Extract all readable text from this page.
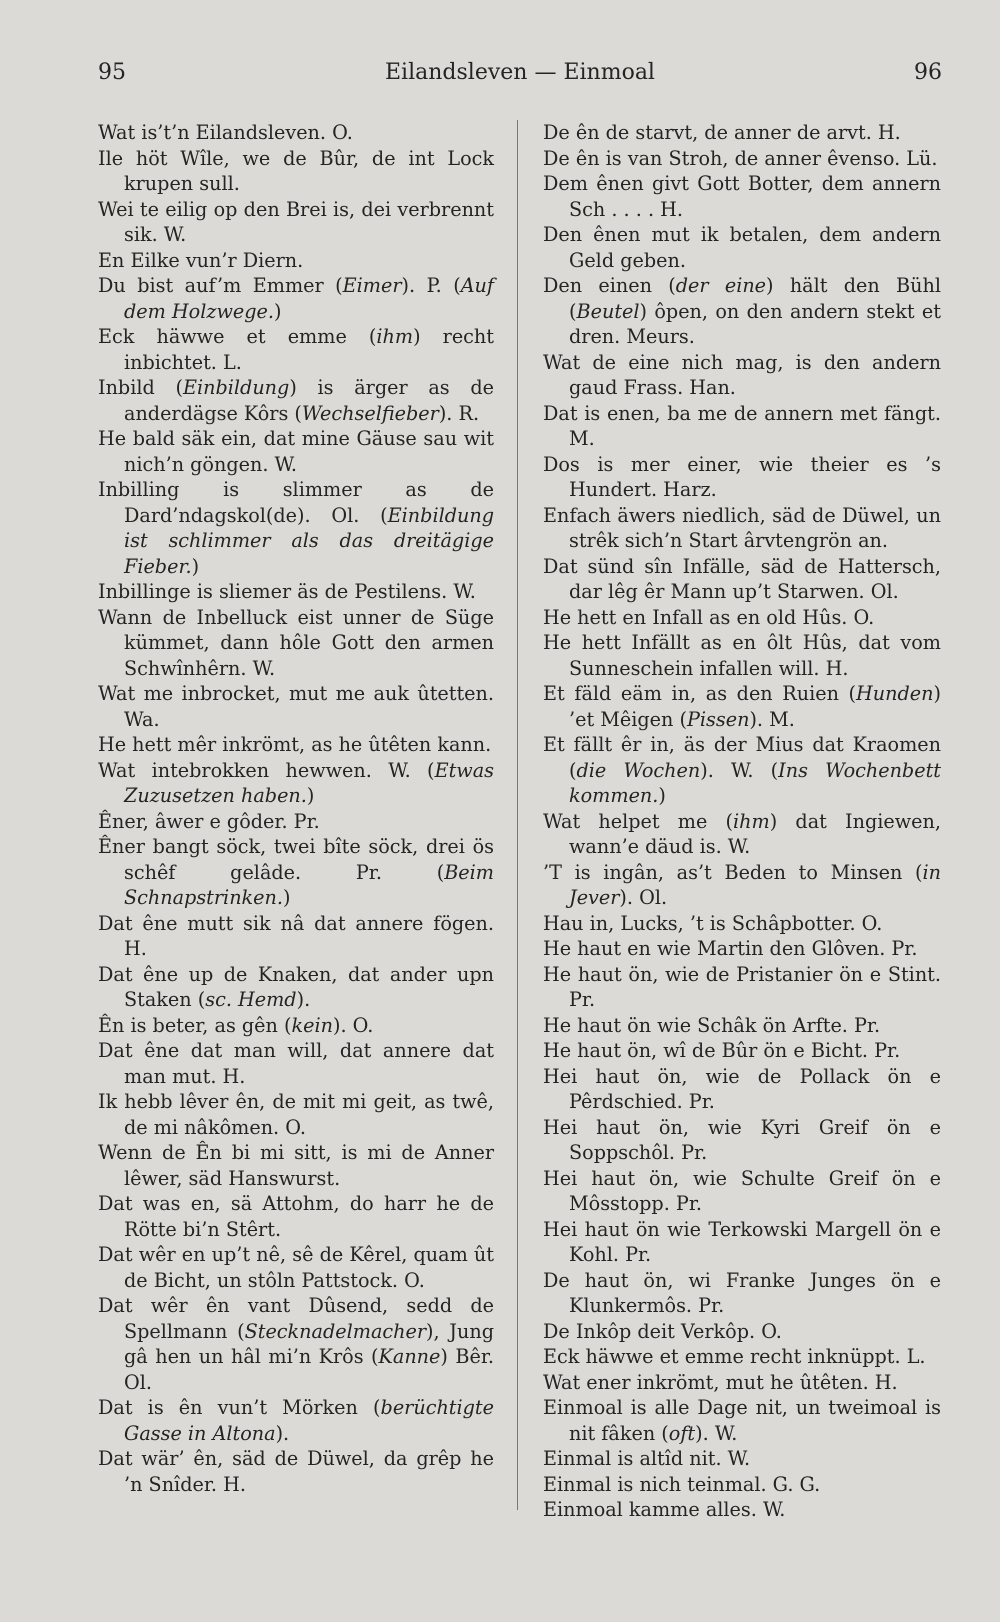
95	Eilandsleven — Einmoal	96
Wat is’t’n Eilandsleven. O.
Ile höt Wîle, we de Bûr, de int Lock krupen sull.
Wei te eilig op den Brei is, dei verbrennt sik. W.
En Eilke vun’r Diern.
Du bist auf’m Emmer (Eimer). P. (Auf dem Holzwege.)
Eck häwwe et emme (ihm) recht inbichtet. L.
Inbild (Einbildung) is ärger as de anderdägse Kôrs (Wechselfieber). R.
He bald säk ein, dat mine Gäuse sau wit nich’n göngen. W.
Inbilling is slimmer as de Dard’ndagskol(de). Ol. (Einbildung ist schlimmer als das dreitägige Fieber.)
Inbillinge is sliemer äs de Pestilens. W.
Wann de Inbelluck eist unner de Süge kümmet, dann hôle Gott den armen Schwînhêrn. W.
Wat me inbrocket, mut me auk ûtetten. Wa.
He hett mêr inkrömt, as he ûtêten kann.
Wat intebrokken hewwen. W. (Etwas Zuzusetzen haben.)
Êner, âwer e gôder. Pr.
Êner bangt söck, twei bîte söck, drei ös schêf gelâde. Pr. (Beim Schnapstrinken.)
Dat êne mutt sik nâ dat annere fögen. H.
Dat êne up de Knaken, dat ander upn Staken (sc. Hemd).
Ên is beter, as gên (kein). O.
Dat êne dat man will, dat annere dat man mut. H.
Ik hebb lêver ên, de mit mi geit, as twê, de mi nâkômen. O.
Wenn de Ên bi mi sitt, is mi de Anner lêwer, säd Hanswurst.
Dat was en, sä Attohm, do harr he de Rötte bi’n Stêrt.
Dat wêr en up’t nê, sê de Kêrel, quam ût de Bicht, un stôln Pattstock. O.
Dat wêr ên vant Dûsend, sedd de Spellmann (Stecknadelmacher), Jung gâ hen un hâl mi’n Krôs (Kanne) Bêr. Ol.
Dat is ên vun’t Mörken (berüchtigte Gasse in Altona).
Dat wär’ ên, säd de Düwel, da grêp he ’n Snîder. H.
De ên de starvt, de anner de arvt. H.
De ên is van Stroh, de anner êvenso. Lü.
Dem ênen givt Gott Botter, dem annern Sch . . . . H.
Den ênen mut ik betalen, dem andern Geld geben.
Den einen (der eine) hält den Bühl (Beutel) ôpen, on den andern stekt et dren. Meurs.
Wat de eine nich mag, is den andern gaud Frass. Han.
Dat is enen, ba me de annern met fängt. M.
Dos is mer einer, wie theier es ’s Hundert. Harz.
Enfach äwers niedlich, säd de Düwel, un strêk sich’n Start ârvtengrön an.
Dat sünd sîn Infälle, säd de Hattersch, dar lêg êr Mann up’t Starwen. Ol.
He hett en Infall as en old Hûs. O.
He hett Infällt as en ôlt Hûs, dat vom Sunneschein infallen will. H.
Et fäld eäm in, as den Ruien (Hunden) ’et Mêigen (Pissen). M.
Et fällt êr in, äs der Mius dat Kraomen (die Wochen). W. (Ins Wochenbett kommen.)
Wat helpet me (ihm) dat Ingiewen, wann’e däud is. W.
’T is ingân, as’t Beden to Minsen (in Jever). Ol.
Hau in, Lucks, ’t is Schâpbotter. O.
He haut en wie Martin den Glôven. Pr.
He haut ön, wie de Pristanier ön e Stint. Pr.
He haut ön wie Schâk ön Arfte. Pr.
He haut ön, wî de Bûr ön e Bicht. Pr.
Hei haut ön, wie de Pollack ön e Pêrdschied. Pr.
Hei haut ön, wie Kyri Greif ön e Soppschôl. Pr.
Hei haut ön, wie Schulte Greif ön e Môsstopp. Pr.
Hei haut ön wie Terkowski Margell ön e Kohl. Pr.
De haut ön, wi Franke Junges ön e Klunkermôs. Pr.
De Inkôp deit Verkôp. O.
Eck häwwe et emme recht inknüppt. L.
Wat ener inkrömt, mut he ûtêten. H.
Einmoal is alle Dage nit, un tweimoal is nit fâken (oft). W.
Einmal is altîd nit. W.
Einmal is nich teinmal. G. G.
Einmoal kamme alles. W.
